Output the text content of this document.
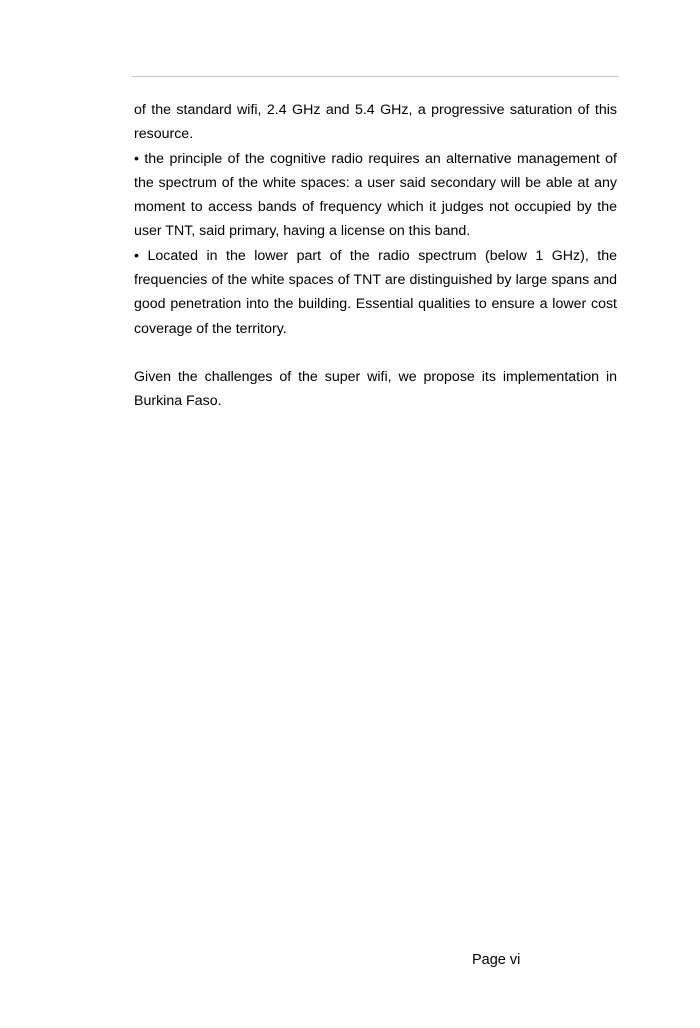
of the standard wifi, 2.4 GHz and 5.4 GHz, a progressive saturation of this resource.

• the principle of the cognitive radio requires an alternative management of the spectrum of the white spaces: a user said secondary will be able at any moment to access bands of frequency which it judges not occupied by the user TNT, said primary, having a license on this band.

• Located in the lower part of the radio spectrum (below 1 GHz), the frequencies of the white spaces of TNT are distinguished by large spans and good penetration into the building. Essential qualities to ensure a lower cost coverage of the territory.

Given the challenges of the super wifi, we propose its implementation in Burkina Faso.

Page vi
